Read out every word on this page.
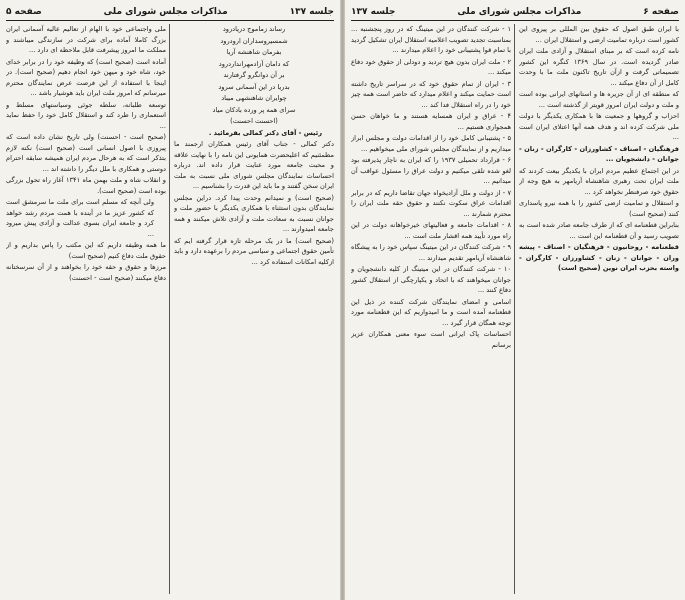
جلسه ۱۳۷
مذاکرات مجلس شورای ملی
صفحه ۵

رساند زماموج دریادرود

شمسیروسداران ارودرود

بفرمان شاهنشه آریا

که دامان آزادمهرانداردرود

بر آن دوانگرو گرفتارند

بدریا در این آسمانی سرود

چوایران شاهنشهی میباد

سرای همه پر ورده بادکان میاد

(احسنت احسنت)

رئیس - آقای دکتر کمالی بفرمائید .

دکتر کمالی - جناب آقای رئیس همکاران ارجمند ما مطمئنیم که اعلیحضرت همایونی این نامه را با نهایت علاقه و محبت جامعه مورد عنایت قرار داده اند. درباره احساسات نمایندگان مجلس شورای ملی نسبت به ملت ایران سخن گفتند و ما باید این قدرت را بشناسیم ...

(صحیح است) و نمیدانم وحدت پیدا کرد. دراین مجلس نمایندگان بدون استثناء با همکاری یکدیگر با حضور ملت و جوانان نسبت به سعادت ملت و آزادی تلاش میکنند و همه جامعه امیدوارند ...

(صحیح است) ما در یک مرحله تازه قرار گرفته ایم که تأمین حقوق اجتماعی و سیاسی مردم را برعهده دارد و باید ازکلیه امکانات استفاده کرد ...

ملی واجتماعی خود با الهام از تعالیم عالیه آسمانی ایران بزرگ کاملا آماده برای شرکت در سازندگی میباشند و مملکت ما امروز پیشرفت قابل ملاحظه ای دارد ...

آماده است (صحیح است) که وظیفه خود را در برابر خدای خود، شاه خود و میهن خود انجام دهیم (صحیح است). در اینجا با استفاده از این فرصت عرض نمایندگان محترم میرسانم که امروز ملت ایران باید هوشیار باشد ...

توسعه طلبانه، سلطه جوئی وسیاستهای مسلط و استعماری را طرد کند و استقلال کامل خود را حفظ نماید ...

(صحیح است - احسنت) ولی تاریخ نشان داده است که پیروزی با اصول انسانی است (صحیح است) نکته لازم بتذکر است که به هرحال مردم ایران همیشه سابقه احترام دوستی و همکاری با ملل دیگر را داشته اند ...

و انقلاب شاه و ملت بهمن ماه ۱۳۴۱ آغاز راه تحول بزرگی بوده است (صحیح است).

ولی آنچه که مسلم است برای ملت ما سرمشق است که کشور عزیز ما در آینده با همت مردم رشد خواهد کرد و جامعه ایران بسوی عدالت و آزادی پیش میرود ...

ما همه وظیفه داریم که این مکتب را پاس بداریم و از حقوق ملت دفاع کنیم (صحیح است)

مرزها و حقوق و حقه خود را بخواهند و از آن سرسختانه دفاع میکنند (صحیح است - احسنت)

صفحه ۶
مذاکرات مجلس شورای ملی
جلسه ۱۳۷

با ایران طبق اصول که حقوق بین المللی بر پیروی این کشور است درباره تمامیت ارضی و استقلال ایران ...

نامه کرده است که بر مبنای استقلال و آزادی ملت ایران صادر گردیده است. در سال ۱۳۶۹ کنگره این کشور تصمیماتی گرفت و ازآن تاریخ تاکنون ملت ما با وحدت کامل از آن دفاع میکند ...

که منطقه ای از آن جزیره ها و استانهای ایرانی بوده است و ملت و دولت ایران امروز قویتر از گذشته است ...

احزاب و گروهها و جمعیت ها با همکاری یکدیگر با دولت ملی شرکت کرده اند و هدف همه آنها اعتلای ایران است ...

فرهنگیان - اصناف - کشاورزان - کارگران - زنان - جوانان - دانشجویان ...

در این اجتماع عظیم مردم ایران با یکدیگر بیعت کردند که ملت ایران تحت رهبری شاهنشاه آریامهر به هیچ وجه از حقوق خود صرفنظر نخواهد کرد ...

و استقلال و تمامیت ارضی کشور را با همه نیرو پاسداری کنند (صحیح است)

بنابراین قطعنامه ای که از طرف جامعه صادر شده است به تصویب رسید و آن قطعنامه این است ...

قطعنامه - روحانیون - فرهنگیان - اصناف - پیشه وران - جوانان - زنان - کشاورزان - کارگران - واسته بحزب ایران نوین (صحیح است)

۱ - شرکت کنندگان در این میتینگ که در روز پنجشنبه ... بمناسبت تجدید تصویب اعلامیه استقلال ایران تشکیل گردید با تمام قوا پشتیبانی خود را اعلام میدارند ...

۲ - ملت ایران بدون هیچ تردید و دودلی از حقوق خود دفاع میکند ...

۳ - ایران از تمام حقوق خود که در سراسر تاریخ داشته است حمایت میکند و اعلام میدارد که حاضر است همه چیز خود را در راه استقلال فدا کند ...

۴ - عراق و ایران همسایه هستند و ما خواهان حسن همجواری هستیم ...

۵ - پشتیبانی کامل خود را از اقدامات دولت و مجلس ابراز میداریم و از نمایندگان مجلس شورای ملی میخواهیم ...

۶ - قرارداد تحمیلی ۱۹۳۷ را که ایران به ناچار پذیرفته بود لغو شده تلقی میکنیم و دولت عراق را مسئول عواقب آن میدانیم ...

۷ - از دولت و ملل آزادیخواه جهان تقاضا داریم که در برابر اقدامات عراق سکوت نکنند و حقوق حقه ملت ایران را محترم شمارند ...

۸ - اقدامات جامعه و فعالیتهای خیرخواهانه دولت در این راه مورد تأیید همه اقشار ملت است ...

۹ - شرکت کنندگان در این میتینگ سپاس خود را به پیشگاه شاهنشاه آریامهر تقدیم میدارند ...

۱۰ - شرکت کنندگان در این میتینگ از کلیه دانشجویان و جوانان میخواهند که با اتحاد و یکپارچگی از استقلال کشور دفاع کنند ...

اسامی و امضای نمایندگان شرکت کننده در ذیل این قطعنامه آمده است و ما امیدواریم که این قطعنامه مورد توجه همگان قرار گیرد ...

احساسات پاک ایرانی است سوء معنی همکاران عزیز برسانم
